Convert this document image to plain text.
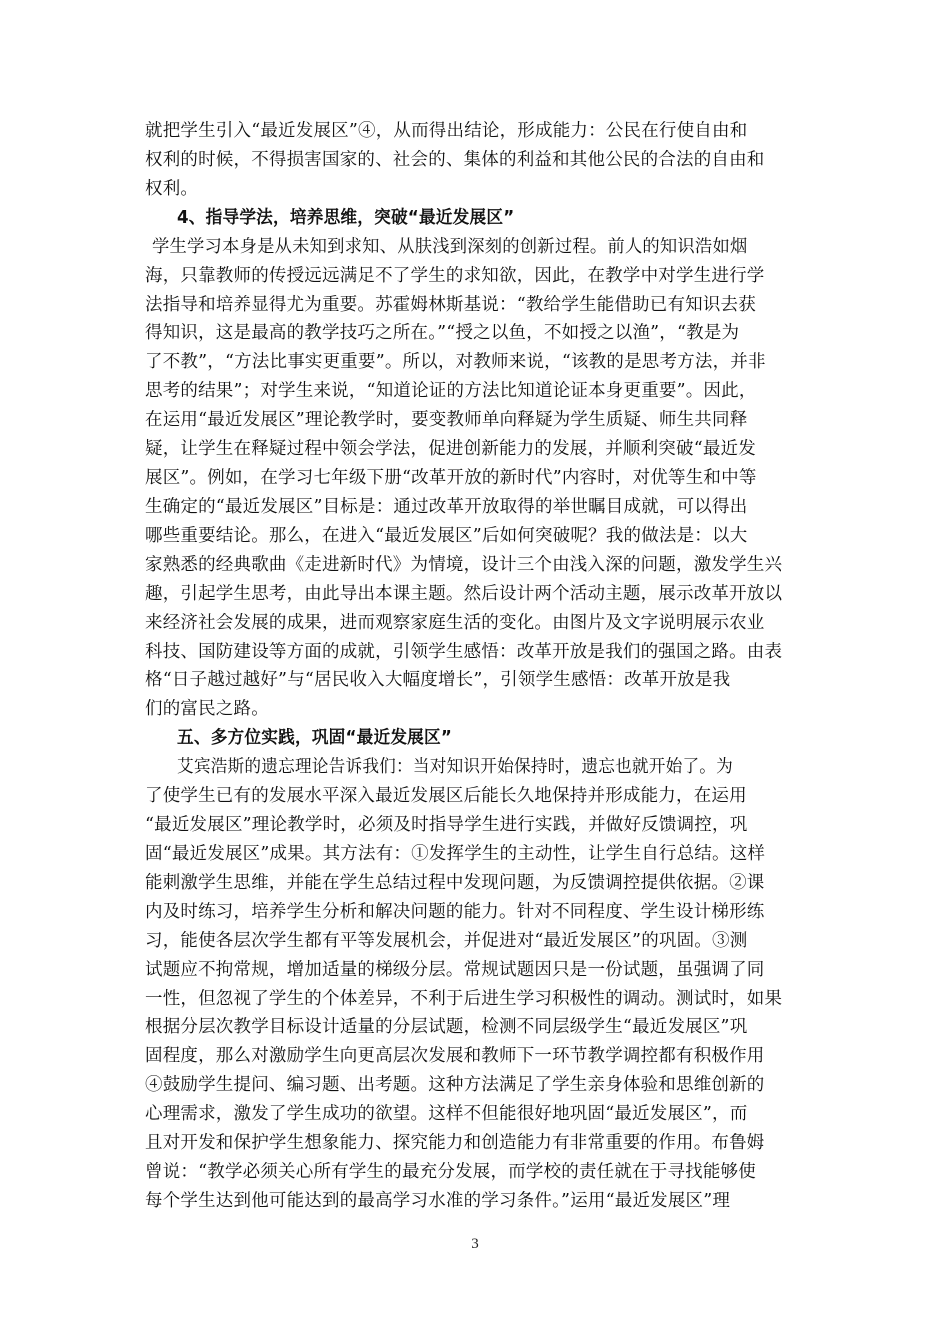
就把学生引入“最近发展区”④，从而得出结论，形成能力：公民在行使自由和
权利的时候，不得损害国家的、社会的、集体的利益和其他公民的合法的自由和
权利。
4、指导学法，培养思维，突破“最近发展区”
学生学习本身是从未知到求知、从肤浅到深刻的创新过程。前人的知识浩如烟
海，只靠教师的传授远远满足不了学生的求知欲，因此，在教学中对学生进行学
法指导和培养显得尤为重要。苏霍姆林斯基说：“教给学生能借助已有知识去获
得知识，这是最高的教学技巧之所在。”“授之以鱼，不如授之以渔”，“教是为
了不教”，“方法比事实更重要”。所以，对教师来说，“该教的是思考方法，并非
思考的结果”；对学生来说，“知道论证的方法比知道论证本身更重要”。因此，
在运用“最近发展区”理论教学时，要变教师单向释疑为学生质疑、师生共同释
疑，让学生在释疑过程中领会学法，促进创新能力的发展，并顺利突破“最近发
展区”。例如，在学习七年级下册“改革开放的新时代”内容时，对优等生和中等
生确定的“最近发展区”目标是：通过改革开放取得的举世瞩目成就，可以得出
哪些重要结论。那么，在进入“最近发展区”后如何突破呢？我的做法是：以大
家熟悉的经典歌曲《走进新时代》为情境，设计三个由浅入深的问题，激发学生兴
趣，引起学生思考，由此导出本课主题。然后设计两个活动主题，展示改革开放以
来经济社会发展的成果，进而观察家庭生活的变化。由图片及文字说明展示农业
科技、国防建设等方面的成就，引领学生感悟：改革开放是我们的强国之路。由表
格“日子越过越好”与“居民收入大幅度增长”，引领学生感悟：改革开放是我
们的富民之路。
五、多方位实践，巩固“最近发展区”
艾宾浩斯的遗忘理论告诉我们：当对知识开始保持时，遗忘也就开始了。为
了使学生已有的发展水平深入最近发展区后能长久地保持并形成能力，在运用
“最近发展区”理论教学时，必须及时指导学生进行实践，并做好反馈调控，巩
固“最近发展区”成果。其方法有：①发挥学生的主动性，让学生自行总结。这样
能刺激学生思维，并能在学生总结过程中发现问题，为反馈调控提供依据。②课
内及时练习，培养学生分析和解决问题的能力。针对不同程度、学生设计梯形练
习，能使各层次学生都有平等发展机会，并促进对“最近发展区”的巩固。③测
试题应不拘常规，增加适量的梯级分层。常规试题因只是一份试题，虽强调了同
一性，但忽视了学生的个体差异，不利于后进生学习积极性的调动。测试时，如果
根据分层次教学目标设计适量的分层试题，检测不同层级学生“最近发展区”巩
固程度，那么对激励学生向更高层次发展和教师下一环节教学调控都有积极作用
④鼓励学生提问、编习题、出考题。这种方法满足了学生亲身体验和思维创新的
心理需求，激发了学生成功的欲望。这样不但能很好地巩固“最近发展区”，而
且对开发和保护学生想象能力、探究能力和创造能力有非常重要的作用。布鲁姆
曾说：“教学必须关心所有学生的最充分发展，而学校的责任就在于寻找能够使
每个学生达到他可能达到的最高学习水准的学习条件。”运用“最近发展区”理
3
